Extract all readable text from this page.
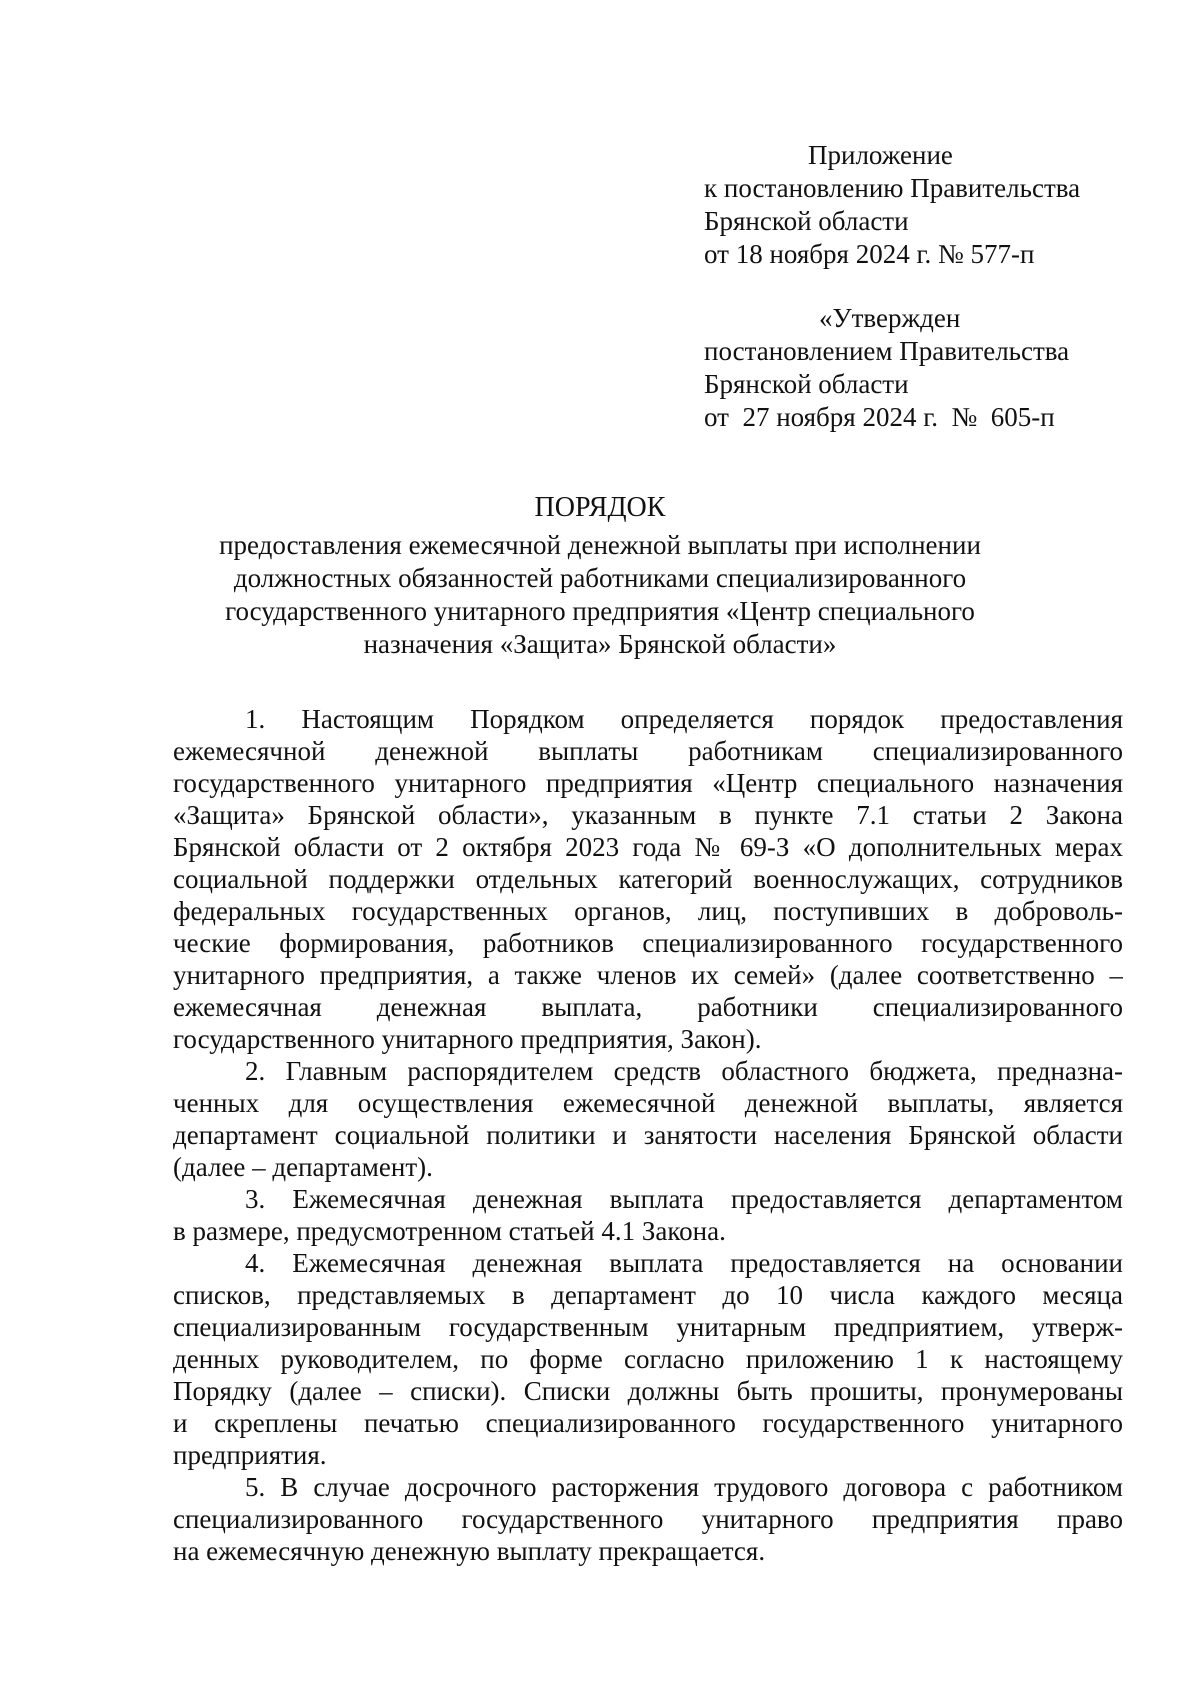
Приложение
к постановлению Правительства
Брянской области
от 18 ноября 2024 г. № 577-п
«Утвержден
постановлением Правительства
Брянской области
от  27 ноября 2024 г.  №  605-п
ПОРЯДОК
предоставления ежемесячной денежной выплаты при исполнении
должностных обязанностей работниками специализированного
государственного унитарного предприятия «Центр специального
назначения «Защита» Брянской области»
1. Настоящим Порядком определяется порядок предоставления
ежемесячной денежной выплаты работникам специализированного
государственного унитарного предприятия «Центр специального назначения
«Защита» Брянской области», указанным в пункте 7.1 статьи 2 Закона
Брянской области от 2 октября 2023 года № 69-З «О дополнительных мерах
социальной поддержки отдельных категорий военнослужащих, сотрудников
федеральных государственных органов, лиц, поступивших в доброволь-
ческие формирования, работников специализированного государственного
унитарного предприятия, а также членов их семей» (далее соответственно –
ежемесячная денежная выплата, работники специализированного
государственного унитарного предприятия, Закон).
2. Главным распорядителем средств областного бюджета, предназна-
ченных для осуществления ежемесячной денежной выплаты, является
департамент социальной политики и занятости населения Брянской области
(далее – департамент).
3. Ежемесячная денежная выплата предоставляется департаментом
в размере, предусмотренном статьей 4.1 Закона.
4. Ежемесячная денежная выплата предоставляется на основании
списков, представляемых в департамент до 10 числа каждого месяца
специализированным государственным унитарным предприятием, утверж-
денных руководителем, по форме согласно приложению 1 к настоящему
Порядку (далее – списки). Списки должны быть прошиты, пронумерованы
и скреплены печатью специализированного государственного унитарного
предприятия.
5. В случае досрочного расторжения трудового договора с работником
специализированного государственного унитарного предприятия право
на ежемесячную денежную выплату прекращается.
